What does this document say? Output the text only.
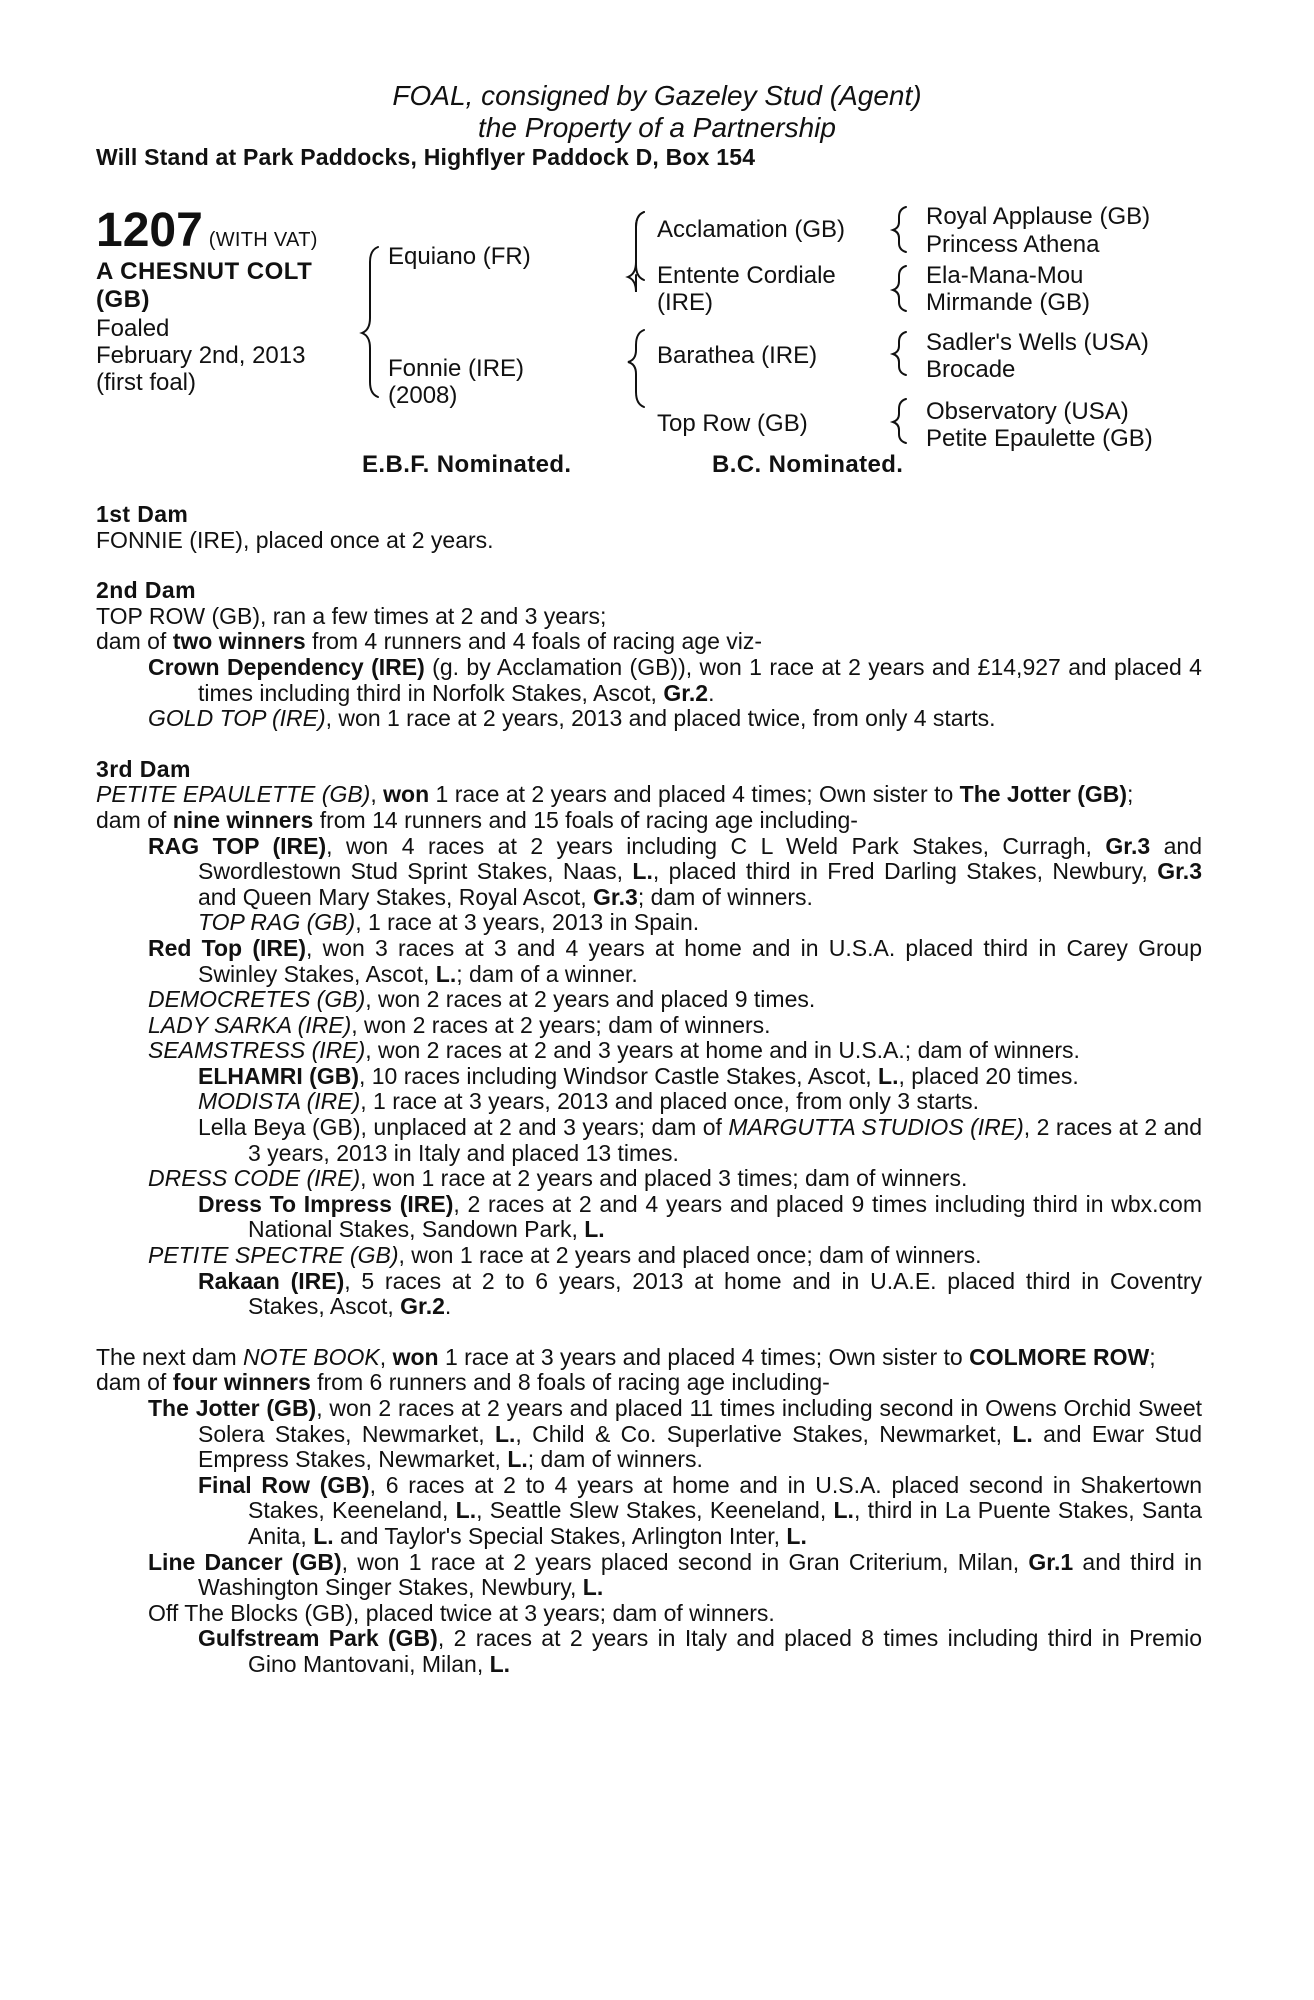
FOAL, consigned by Gazeley Stud (Agent)
the Property of a Partnership
Will Stand at Park Paddocks, Highflyer Paddock D, Box 154
1207 (WITH VAT)
A CHESNUT COLT
(GB)
Foaled
February 2nd, 2013
(first foal)
Equiano (FR)
Fonnie (IRE)
(2008)
Acclamation (GB)
Entente Cordiale
(IRE)
Barathea (IRE)
Top Row (GB)
Royal Applause (GB)
Princess Athena
Ela-Mana-Mou
Mirmande (GB)
Sadler's Wells (USA)
Brocade
Observatory (USA)
Petite Epaulette (GB)
E.B.F. Nominated.	B.C. Nominated.
1st Dam
FONNIE (IRE), placed once at 2 years.
2nd Dam
TOP ROW (GB), ran a few times at 2 and 3 years;
dam of two winners from 4 runners and 4 foals of racing age viz-
Crown Dependency (IRE) (g. by Acclamation (GB)), won 1 race at 2 years and £14,927 and placed 4 times including third in Norfolk Stakes, Ascot, Gr.2.
GOLD TOP (IRE), won 1 race at 2 years, 2013 and placed twice, from only 4 starts.
3rd Dam
PETITE EPAULETTE (GB), won 1 race at 2 years and placed 4 times; Own sister to The Jotter (GB);
dam of nine winners from 14 runners and 15 foals of racing age including-
RAG TOP (IRE), won 4 races at 2 years including C L Weld Park Stakes, Curragh, Gr.3 and Swordlestown Stud Sprint Stakes, Naas, L., placed third in Fred Darling Stakes, Newbury, Gr.3 and Queen Mary Stakes, Royal Ascot, Gr.3; dam of winners.
TOP RAG (GB), 1 race at 3 years, 2013 in Spain.
Red Top (IRE), won 3 races at 3 and 4 years at home and in U.S.A. placed third in Carey Group Swinley Stakes, Ascot, L.; dam of a winner.
DEMOCRETES (GB), won 2 races at 2 years and placed 9 times.
LADY SARKA (IRE), won 2 races at 2 years; dam of winners.
SEAMSTRESS (IRE), won 2 races at 2 and 3 years at home and in U.S.A.; dam of winners.
ELHAMRI (GB), 10 races including Windsor Castle Stakes, Ascot, L., placed 20 times.
MODISTA (IRE), 1 race at 3 years, 2013 and placed once, from only 3 starts.
Lella Beya (GB), unplaced at 2 and 3 years; dam of MARGUTTA STUDIOS (IRE), 2 races at 2 and 3 years, 2013 in Italy and placed 13 times.
DRESS CODE (IRE), won 1 race at 2 years and placed 3 times; dam of winners.
Dress To Impress (IRE), 2 races at 2 and 4 years and placed 9 times including third in wbx.com National Stakes, Sandown Park, L.
PETITE SPECTRE (GB), won 1 race at 2 years and placed once; dam of winners.
Rakaan (IRE), 5 races at 2 to 6 years, 2013 at home and in U.A.E. placed third in Coventry Stakes, Ascot, Gr.2.
The next dam NOTE BOOK, won 1 race at 3 years and placed 4 times; Own sister to COLMORE ROW;
dam of four winners from 6 runners and 8 foals of racing age including-
The Jotter (GB), won 2 races at 2 years and placed 11 times including second in Owens Orchid Sweet Solera Stakes, Newmarket, L., Child & Co. Superlative Stakes, Newmarket, L. and Ewar Stud Empress Stakes, Newmarket, L.; dam of winners.
Final Row (GB), 6 races at 2 to 4 years at home and in U.S.A. placed second in Shakertown Stakes, Keeneland, L., Seattle Slew Stakes, Keeneland, L., third in La Puente Stakes, Santa Anita, L. and Taylor's Special Stakes, Arlington Inter, L.
Line Dancer (GB), won 1 race at 2 years placed second in Gran Criterium, Milan, Gr.1 and third in Washington Singer Stakes, Newbury, L.
Off The Blocks (GB), placed twice at 3 years; dam of winners.
Gulfstream Park (GB), 2 races at 2 years in Italy and placed 8 times including third in Premio Gino Mantovani, Milan, L.
